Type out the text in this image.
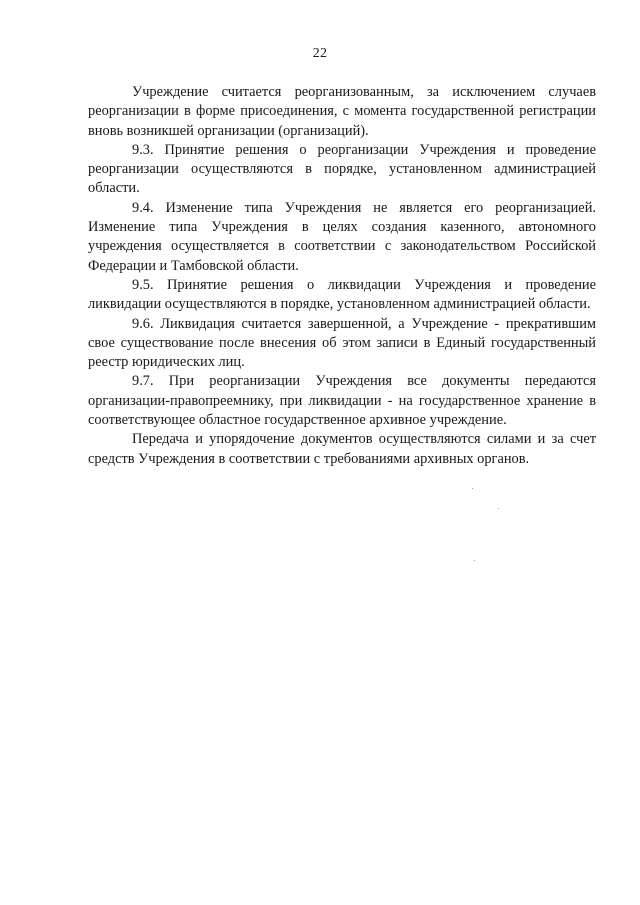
22

Учреждение считается реорганизованным, за исключением случаев реорганизации в форме присоединения, с момента государственной регистрации вновь возникшей организации (организаций).

9.3. Принятие решения о реорганизации Учреждения и проведение реорганизации осуществляются в порядке, установленном администрацией области.

9.4. Изменение типа Учреждения не является его реорганизацией. Изменение типа Учреждения в целях создания казенного, автономного учреждения осуществляется в соответствии с законодательством Российской Федерации и Тамбовской области.

9.5. Принятие решения о ликвидации Учреждения и проведение ликвидации осуществляются в порядке, установленном администрацией области.

9.6. Ликвидация считается завершенной, а Учреждение - прекратившим свое существование после внесения об этом записи в Единый государственный реестр юридических лиц.

9.7. При реорганизации Учреждения все документы передаются организации-правопреемнику, при ликвидации - на государственное хранение в соответствующее областное государственное архивное учреждение.

Передача и упорядочение документов осуществляются силами и за счет средств Учреждения в соответствии с требованиями архивных органов.
